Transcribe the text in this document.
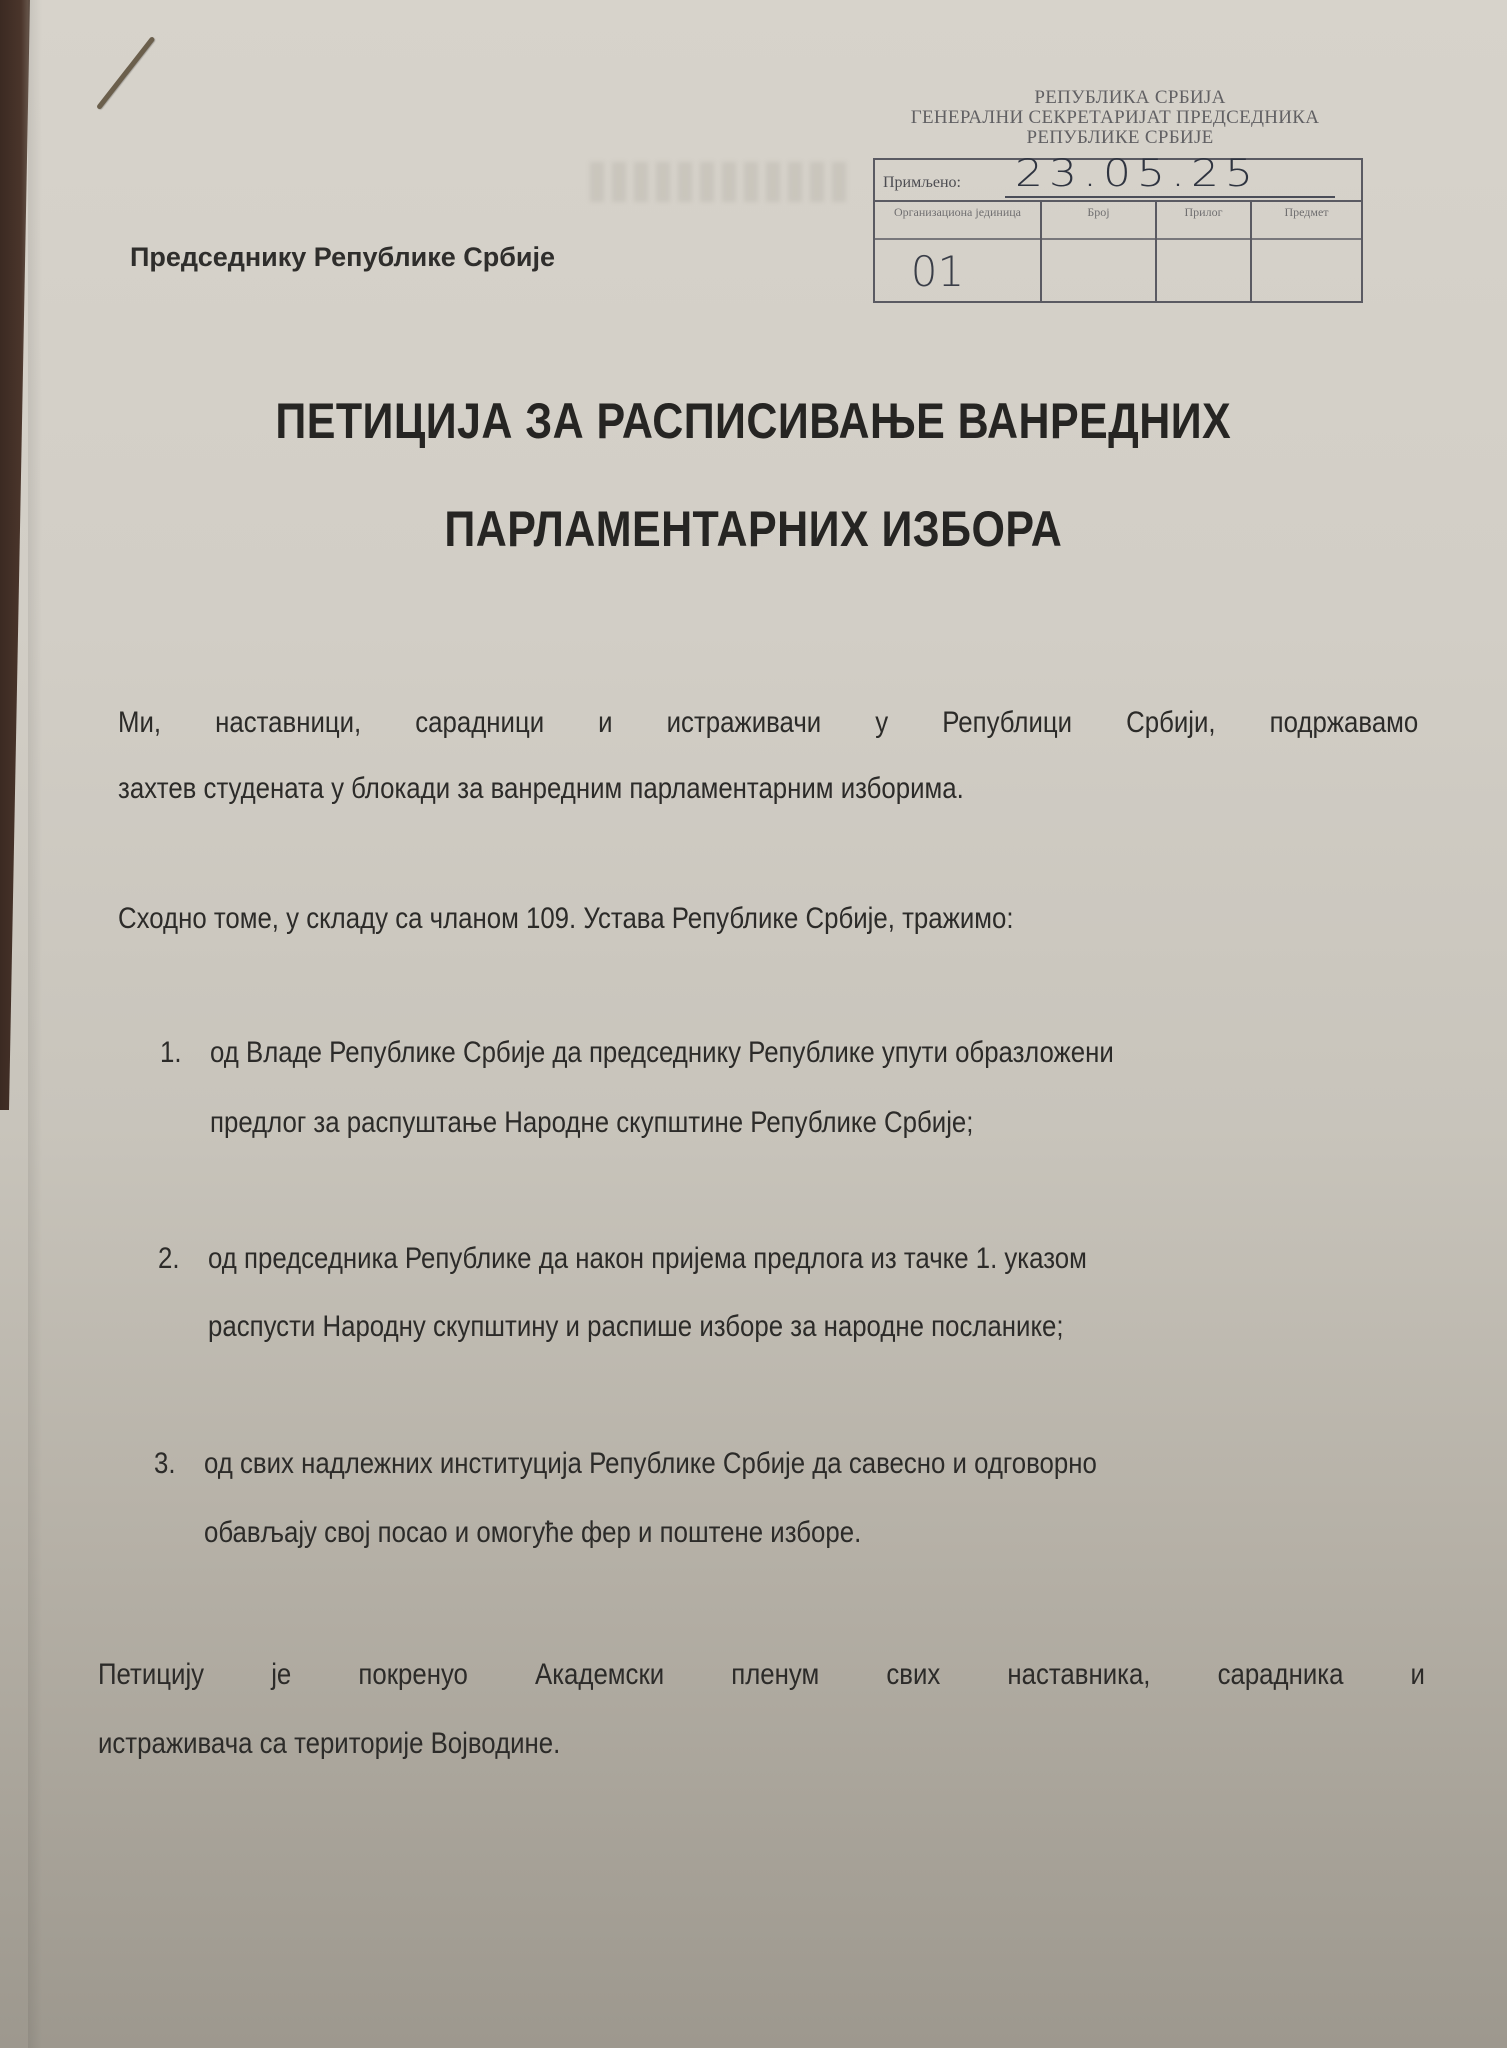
РЕПУБЛИКА СРБИЈА
ГЕНЕРАЛНИ СЕКРЕТАРИЈАТ ПРЕДСЕДНИКА
РЕПУБЛИКЕ СРБИЈЕ
Примљено: 23.05.25
Организациона јединица
01
Број	Прилог	Предмет
Председнику Републике Србије
ПЕТИЦИЈА ЗА РАСПИСИВАЊЕ ВАНРЕДНИХ
ПАРЛАМЕНТАРНИХ ИЗБОРА
Ми, наставници, сарадници и истраживачи у Републици Србији, подржавамо
захтев студената у блокади за ванредним парламентарним изборима.
Сходно томе, у складу са чланом 109. Устава Републике Србије, тражимо:
1. од Владе Републике Србије да председнику Републике упути образложени
предлог за распуштање Народне скупштине Републике Србије;
2. од председника Републике да након пријема предлога из тачке 1. указом
распусти Народну скупштину и распише изборе за народне посланике;
3. од свих надлежних институција Републике Србије да савесно и одговорно
обављају свој посао и омогуће фер и поштене изборе.
Петицију је покренуо Академски пленум свих наставника, сарадника и
истраживача са територије Војводине.
